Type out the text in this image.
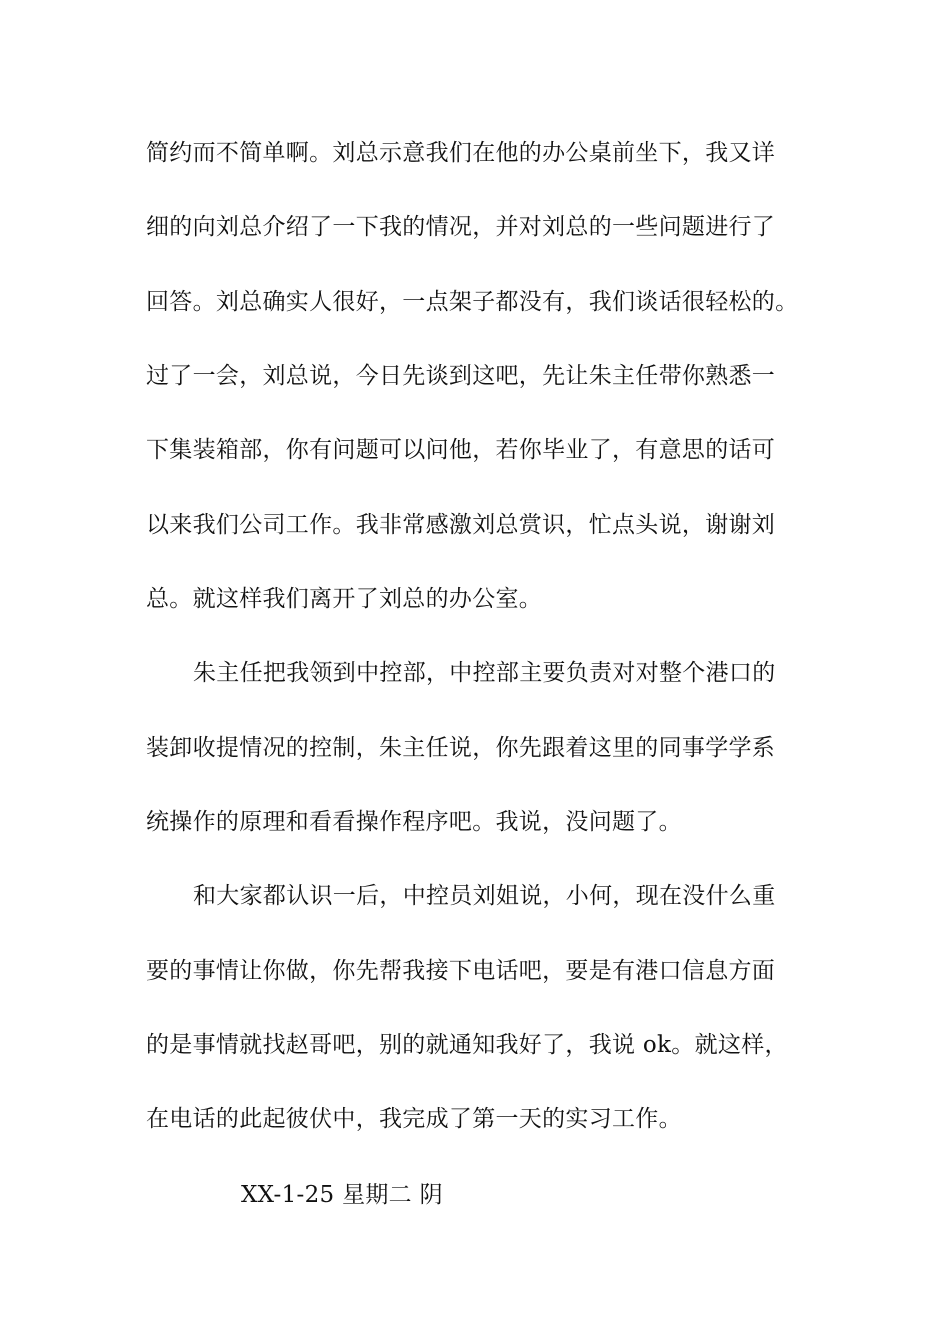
简约而不简单啊。刘总示意我们在他的办公桌前坐下，我又详

细的向刘总介绍了一下我的情况，并对刘总的一些问题进行了

回答。刘总确实人很好，一点架子都没有，我们谈话很轻松的。

过了一会，刘总说，今日先谈到这吧，先让朱主任带你熟悉一

下集装箱部，你有问题可以问他，若你毕业了，有意思的话可

以来我们公司工作。我非常感激刘总赏识，忙点头说，谢谢刘

总。就这样我们离开了刘总的办公室。

朱主任把我领到中控部，中控部主要负责对对整个港口的

装卸收提情况的控制，朱主任说，你先跟着这里的同事学学系

统操作的原理和看看操作程序吧。我说，没问题了。

和大家都认识一后，中控员刘姐说，小何，现在没什么重

要的事情让你做，你先帮我接下电话吧，要是有港口信息方面

的是事情就找赵哥吧，别的就通知我好了，我说 ok。就这样，

在电话的此起彼伏中，我完成了第一天的实习工作。

XX-1-25 星期二 阴
